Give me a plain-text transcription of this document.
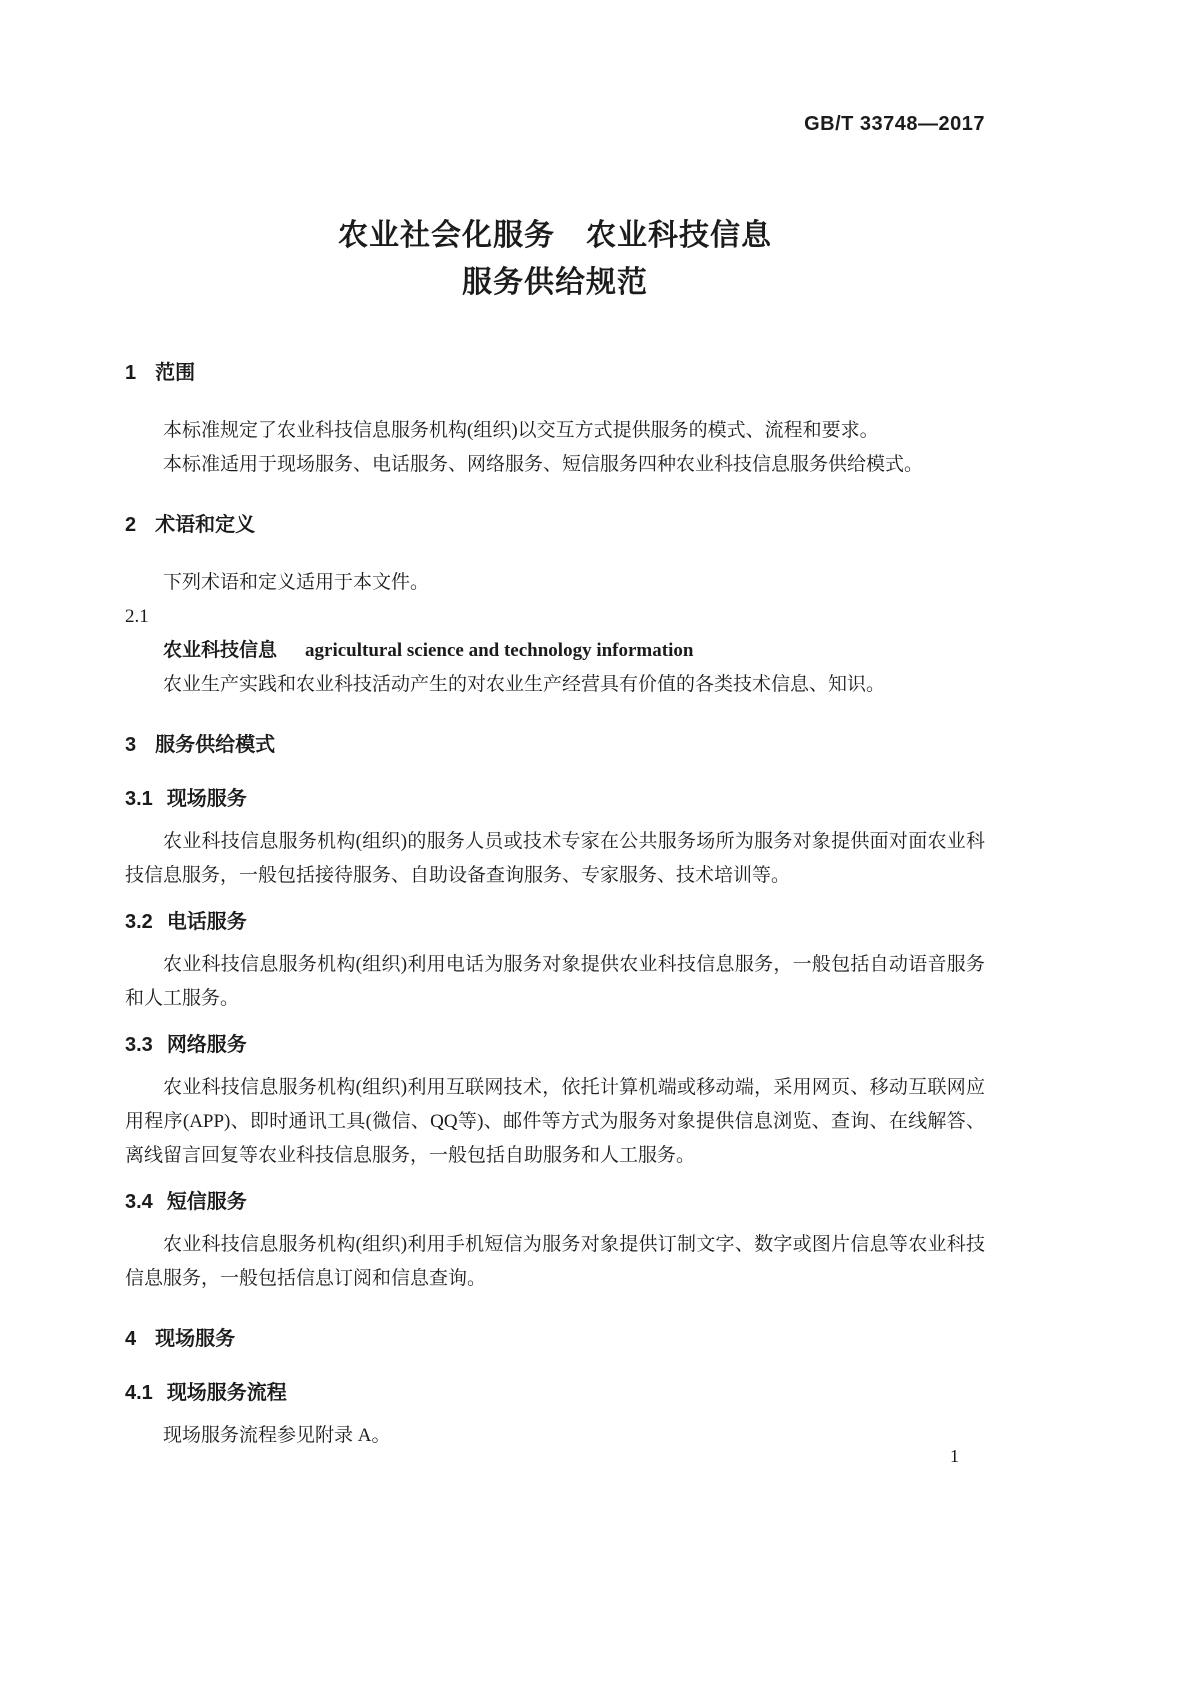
GB/T 33748—2017
农业社会化服务　农业科技信息
服务供给规范
1 范围

本标准规定了农业科技信息服务机构(组织)以交互方式提供服务的模式、流程和要求。

本标准适用于现场服务、电话服务、网络服务、短信服务四种农业科技信息服务供给模式。

2 术语和定义

下列术语和定义适用于本文件。

2.1

农业科技信息 agricultural science and technology information

农业生产实践和农业科技活动产生的对农业生产经营具有价值的各类技术信息、知识。

3 服务供给模式
3.1 现场服务

农业科技信息服务机构(组织)的服务人员或技术专家在公共服务场所为服务对象提供面对面农业科技信息服务，一般包括接待服务、自助设备查询服务、专家服务、技术培训等。

3.2 电话服务

农业科技信息服务机构(组织)利用电话为服务对象提供农业科技信息服务，一般包括自动语音服务和人工服务。

3.3 网络服务

农业科技信息服务机构(组织)利用互联网技术，依托计算机端或移动端，采用网页、移动互联网应用程序(APP)、即时通讯工具(微信、QQ等)、邮件等方式为服务对象提供信息浏览、查询、在线解答、离线留言回复等农业科技信息服务，一般包括自助服务和人工服务。

3.4 短信服务

农业科技信息服务机构(组织)利用手机短信为服务对象提供订制文字、数字或图片信息等农业科技信息服务，一般包括信息订阅和信息查询。

4 现场服务
4.1 现场服务流程

现场服务流程参见附录 A。

1
